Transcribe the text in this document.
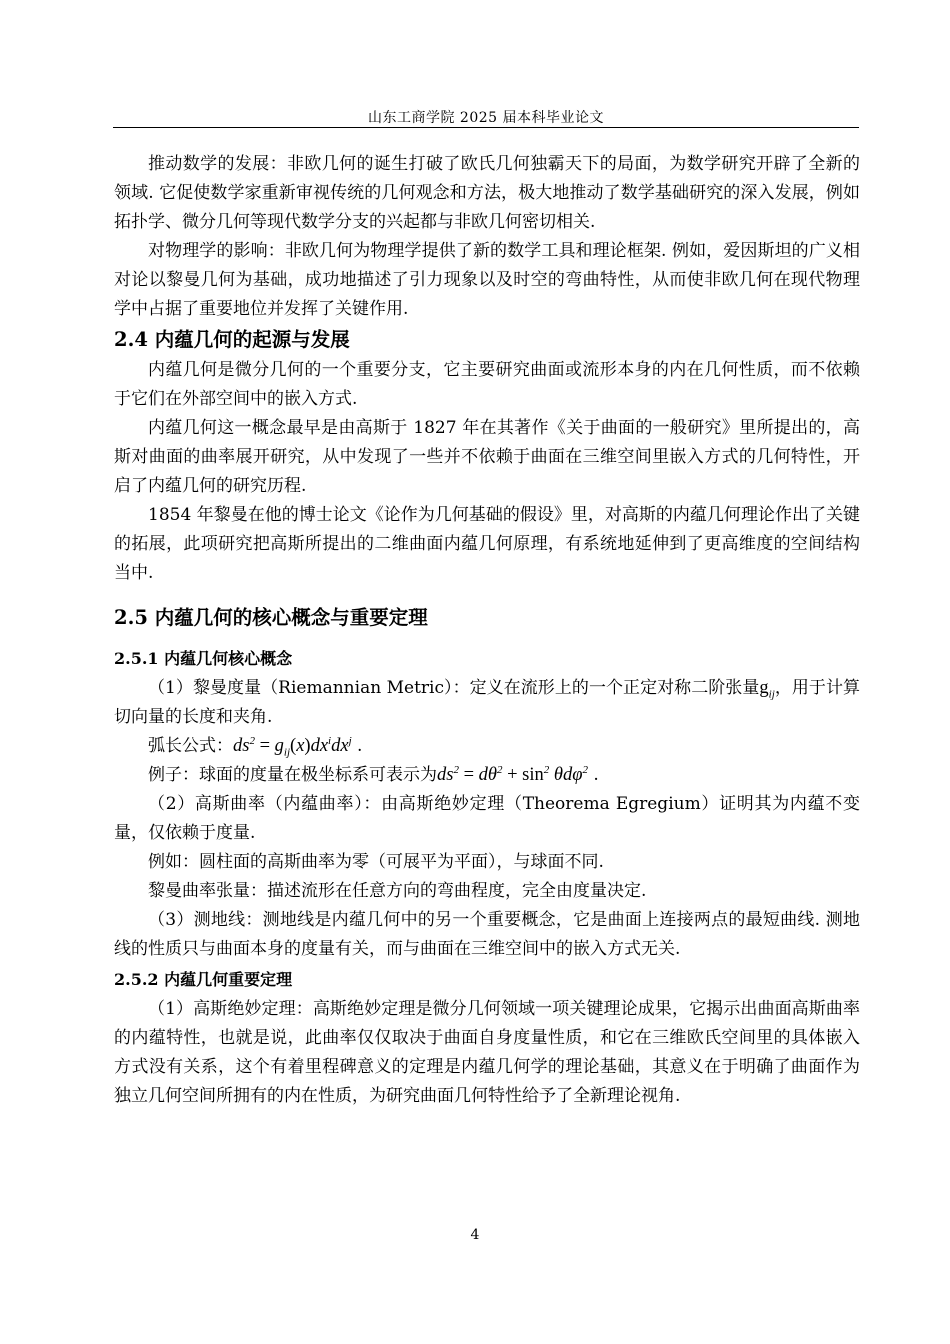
山东工商学院 2025 届本科毕业论文

推动数学的发展：非欧几何的诞生打破了欧氏几何独霸天下的局面，为数学研究开辟了全新的领域. 它促使数学家重新审视传统的几何观念和方法，极大地推动了数学基础研究的深入发展，例如拓扑学、微分几何等现代数学分支的兴起都与非欧几何密切相关.

对物理学的影响：非欧几何为物理学提供了新的数学工具和理论框架. 例如，爱因斯坦的广义相对论以黎曼几何为基础，成功地描述了引力现象以及时空的弯曲特性，从而使非欧几何在现代物理学中占据了重要地位并发挥了关键作用.

2.4 内蕴几何的起源与发展

内蕴几何是微分几何的一个重要分支，它主要研究曲面或流形本身的内在几何性质，而不依赖于它们在外部空间中的嵌入方式.

内蕴几何这一概念最早是由高斯于 1827 年在其著作《关于曲面的一般研究》里所提出的，高斯对曲面的曲率展开研究，从中发现了一些并不依赖于曲面在三维空间里嵌入方式的几何特性，开启了内蕴几何的研究历程.

1854 年黎曼在他的博士论文《论作为几何基础的假设》里，对高斯的内蕴几何理论作出了关键的拓展，此项研究把高斯所提出的二维曲面内蕴几何原理，有系统地延伸到了更高维度的空间结构当中.

2.5 内蕴几何的核心概念与重要定理
2.5.1 内蕴几何核心概念

（1）黎曼度量（Riemannian Metric）：定义在流形上的一个正定对称二阶张量$g_{ij}$，用于计算切向量的长度和夹角.

弧长公式：$ds^2 = g_{ij}(x)dx^idx^j$ .

例子：球面的度量在极坐标系可表示为$ds^2 = d\theta^2 + \sin^2 \theta d\varphi^2$ .

（2）高斯曲率（内蕴曲率）：由高斯绝妙定理（Theorema Egregium）证明其为内蕴不变量，仅依赖于度量.

例如：圆柱面的高斯曲率为零（可展平为平面），与球面不同.

黎曼曲率张量：描述流形在任意方向的弯曲程度，完全由度量决定.

（3）测地线：测地线是内蕴几何中的另一个重要概念，它是曲面上连接两点的最短曲线. 测地线的性质只与曲面本身的度量有关，而与曲面在三维空间中的嵌入方式无关.

2.5.2 内蕴几何重要定理

（1）高斯绝妙定理：高斯绝妙定理是微分几何领域一项关键理论成果，它揭示出曲面高斯曲率的内蕴特性，也就是说，此曲率仅仅取决于曲面自身度量性质，和它在三维欧氏空间里的具体嵌入方式没有关系，这个有着里程碑意义的定理是内蕴几何学的理论基础，其意义在于明确了曲面作为独立几何空间所拥有的内在性质，为研究曲面几何特性给予了全新理论视角.

4
